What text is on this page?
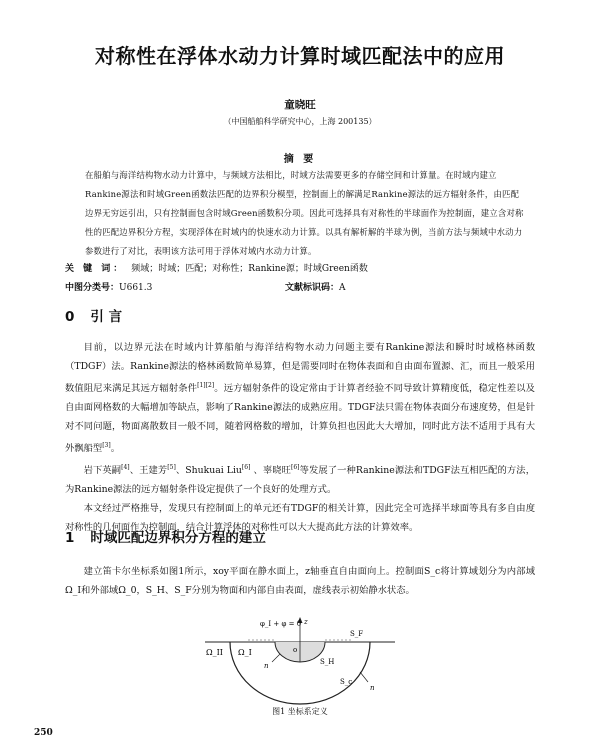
对称性在浮体水动力计算时域匹配法中的应用
童晓旺
（中国船舶科学研究中心，上海 200135）
摘 要
在船舶与海洋结构物水动力计算中，与频域方法相比，时域方法需要更多的存储空间和计算量。在时域内建立Rankine源法和时域Green函数法匹配的边界积分模型，控制面上的解满足Rankine源法的远方辐射条件，由匹配边界无穷远引出，只有控制面包含时域Green函数积分项。因此可选择具有对称性的半球面作为控制面，建立含对称性的匹配边界积分方程，实现浮体在时域内的快速水动力计算。以具有解析解的半球为例，当前方法与频域中水动力参数进行了对比，表明该方法可用于浮体对域内水动力计算。
关 键 词： 频域；时域；匹配；对称性；Rankine源；时域Green函数
中图分类号：U661.3	文献标识码：A
0 引 言

目前，以边界元法在时域内计算船舶与海洋结构物水动力问题主要有Rankine源法和瞬时时域格林函数（TDGF）法。Rankine源法的格林函数简单易算，但是需要同时在物体表面和自由面布置源、汇，而且一般采用数值阻尼来满足其远方辐射条件[1][2]。远方辐射条件的设定常由于计算者经验不同导致计算精度低，稳定性差以及自由面网格数的大幅增加等缺点，影响了Rankine源法的成熟应用。TDGF法只需在物体表面分布速度势，但是针对不同问题，物面离散数目一般不同，随着网格数的增加，计算负担也因此大大增加，同时此方法不适用于具有大外飘船型[3]。

岩下英嗣[4]、王建芳[5]、Shukuai Liu[6] 、辜晓旺[6]等发展了一种Rankine源法和TDGF法互相匹配的方法，为Rankine源法的远方辐射条件设定提供了一个良好的处理方式。

本文经过严格推导，发现只有控制面上的单元还有TDGF的相关计算，因此完全可选择半球面等具有多自由度对称性的几何面作为控制面，结合计算浮体的对称性可以大大提高此方法的计算效率。

1 时域匹配边界积分方程的建立

建立笛卡尔坐标系如图1所示，xoy平面在静水面上，z轴垂直自由面向上。控制面S_c将计算域划分为内部域Ω_I和外部域Ω_0，S_H、S_F分别为物面和内部自由表面，虚线表示初始静水状态。

φ_I + φ = 0 z
Ω_II Ω_I
S_F
S_H
o
S_c
n
n
图1 坐标系定义
250
